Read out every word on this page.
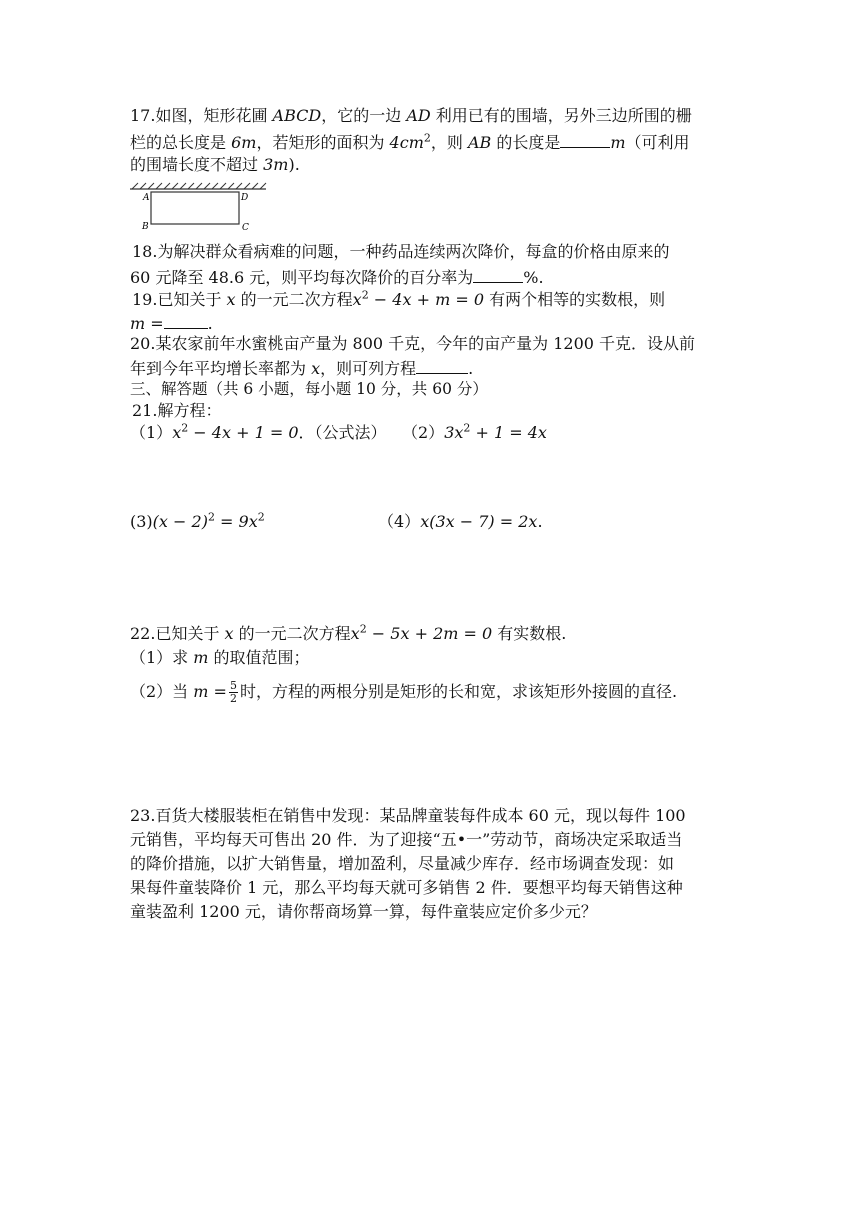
17.如图，矩形花圃 ABCD，它的一边 AD 利用已有的围墙，另外三边所围的栅
栏的总长度是 6m，若矩形的面积为 $4cm^2$，则 AB 的长度是	m（可利用
的围墙长度不超过 3m).
A
B	C
D
18.为解决群众看病难的问题，一种药品连续两次降价，每盒的价格由原来的
60 元降至 48.6 元，则平均每次降价的百分率为	%.
19.已知关于 x 的一元二次方程$x^2 - 4x + m = 0$ 有两个相等的实数根，则
m =	.
20.某农家前年水蜜桃亩产量为 800 千克，今年的亩产量为 1200 千克．设从前
年到今年平均增长率都为 x，则可列方程	.
三、解答题（共 6 小题，每小题 10 分，共 60 分）
21.解方程：
$(1)x^2 - 4x + 1 = 0$．（公式法） $(2)3x^2 + 1 = 4x$
$(3)(x - 2)^2 = 9x^2$	（4）x(3x − 7) = 2x.
22.已知关于 x 的一元二次方程$x^2 - 5x + 2m = 0$ 有实数根.
（1）求 m 的取值范围；
（2）当 $m = \frac{5}{2}$ 时，方程的两根分别是矩形的长和宽，求该矩形外接圆的直径.
23.百货大楼服装柜在销售中发现：某品牌童装每件成本 60 元，现以每件 100
元销售，平均每天可售出 20 件．为了迎接“五•一”劳动节，商场决定采取适当
的降价措施，以扩大销售量，增加盈利，尽量减少库存．经市场调查发现：如
果每件童装降价 1 元，那么平均每天就可多销售 2 件．要想平均每天销售这种
童装盈利 1200 元，请你帮商场算一算，每件童装应定价多少元？
